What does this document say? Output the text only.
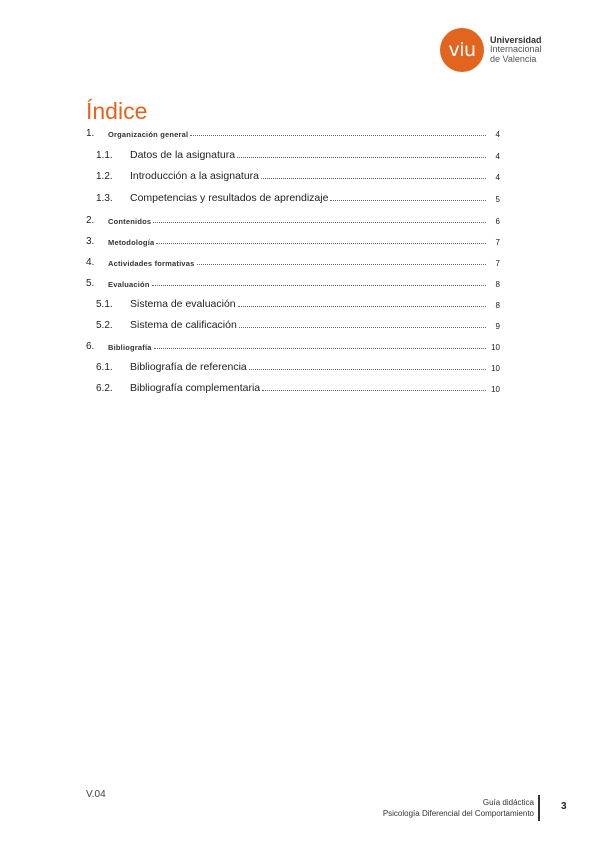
viu	Universidad
Internacional
de Valencia
Índice
1.	Organización general	4
1.1.	Datos de la asignatura	4
1.2.	Introducción a la asignatura	4
1.3.	Competencias y resultados de aprendizaje	5
2.	Contenidos	6
3.	Metodología	7
4.	Actividades formativas	7
5.	Evaluación	8
5.1.	Sistema de evaluación	8
5.2.	Sistema de calificación	9
6.	Bibliografía	10
6.1.	Bibliografía de referencia	10
6.2.	Bibliografía complementaria	10
V.04
Guía didáctica
Psicología Diferencial del Comportamiento
3
